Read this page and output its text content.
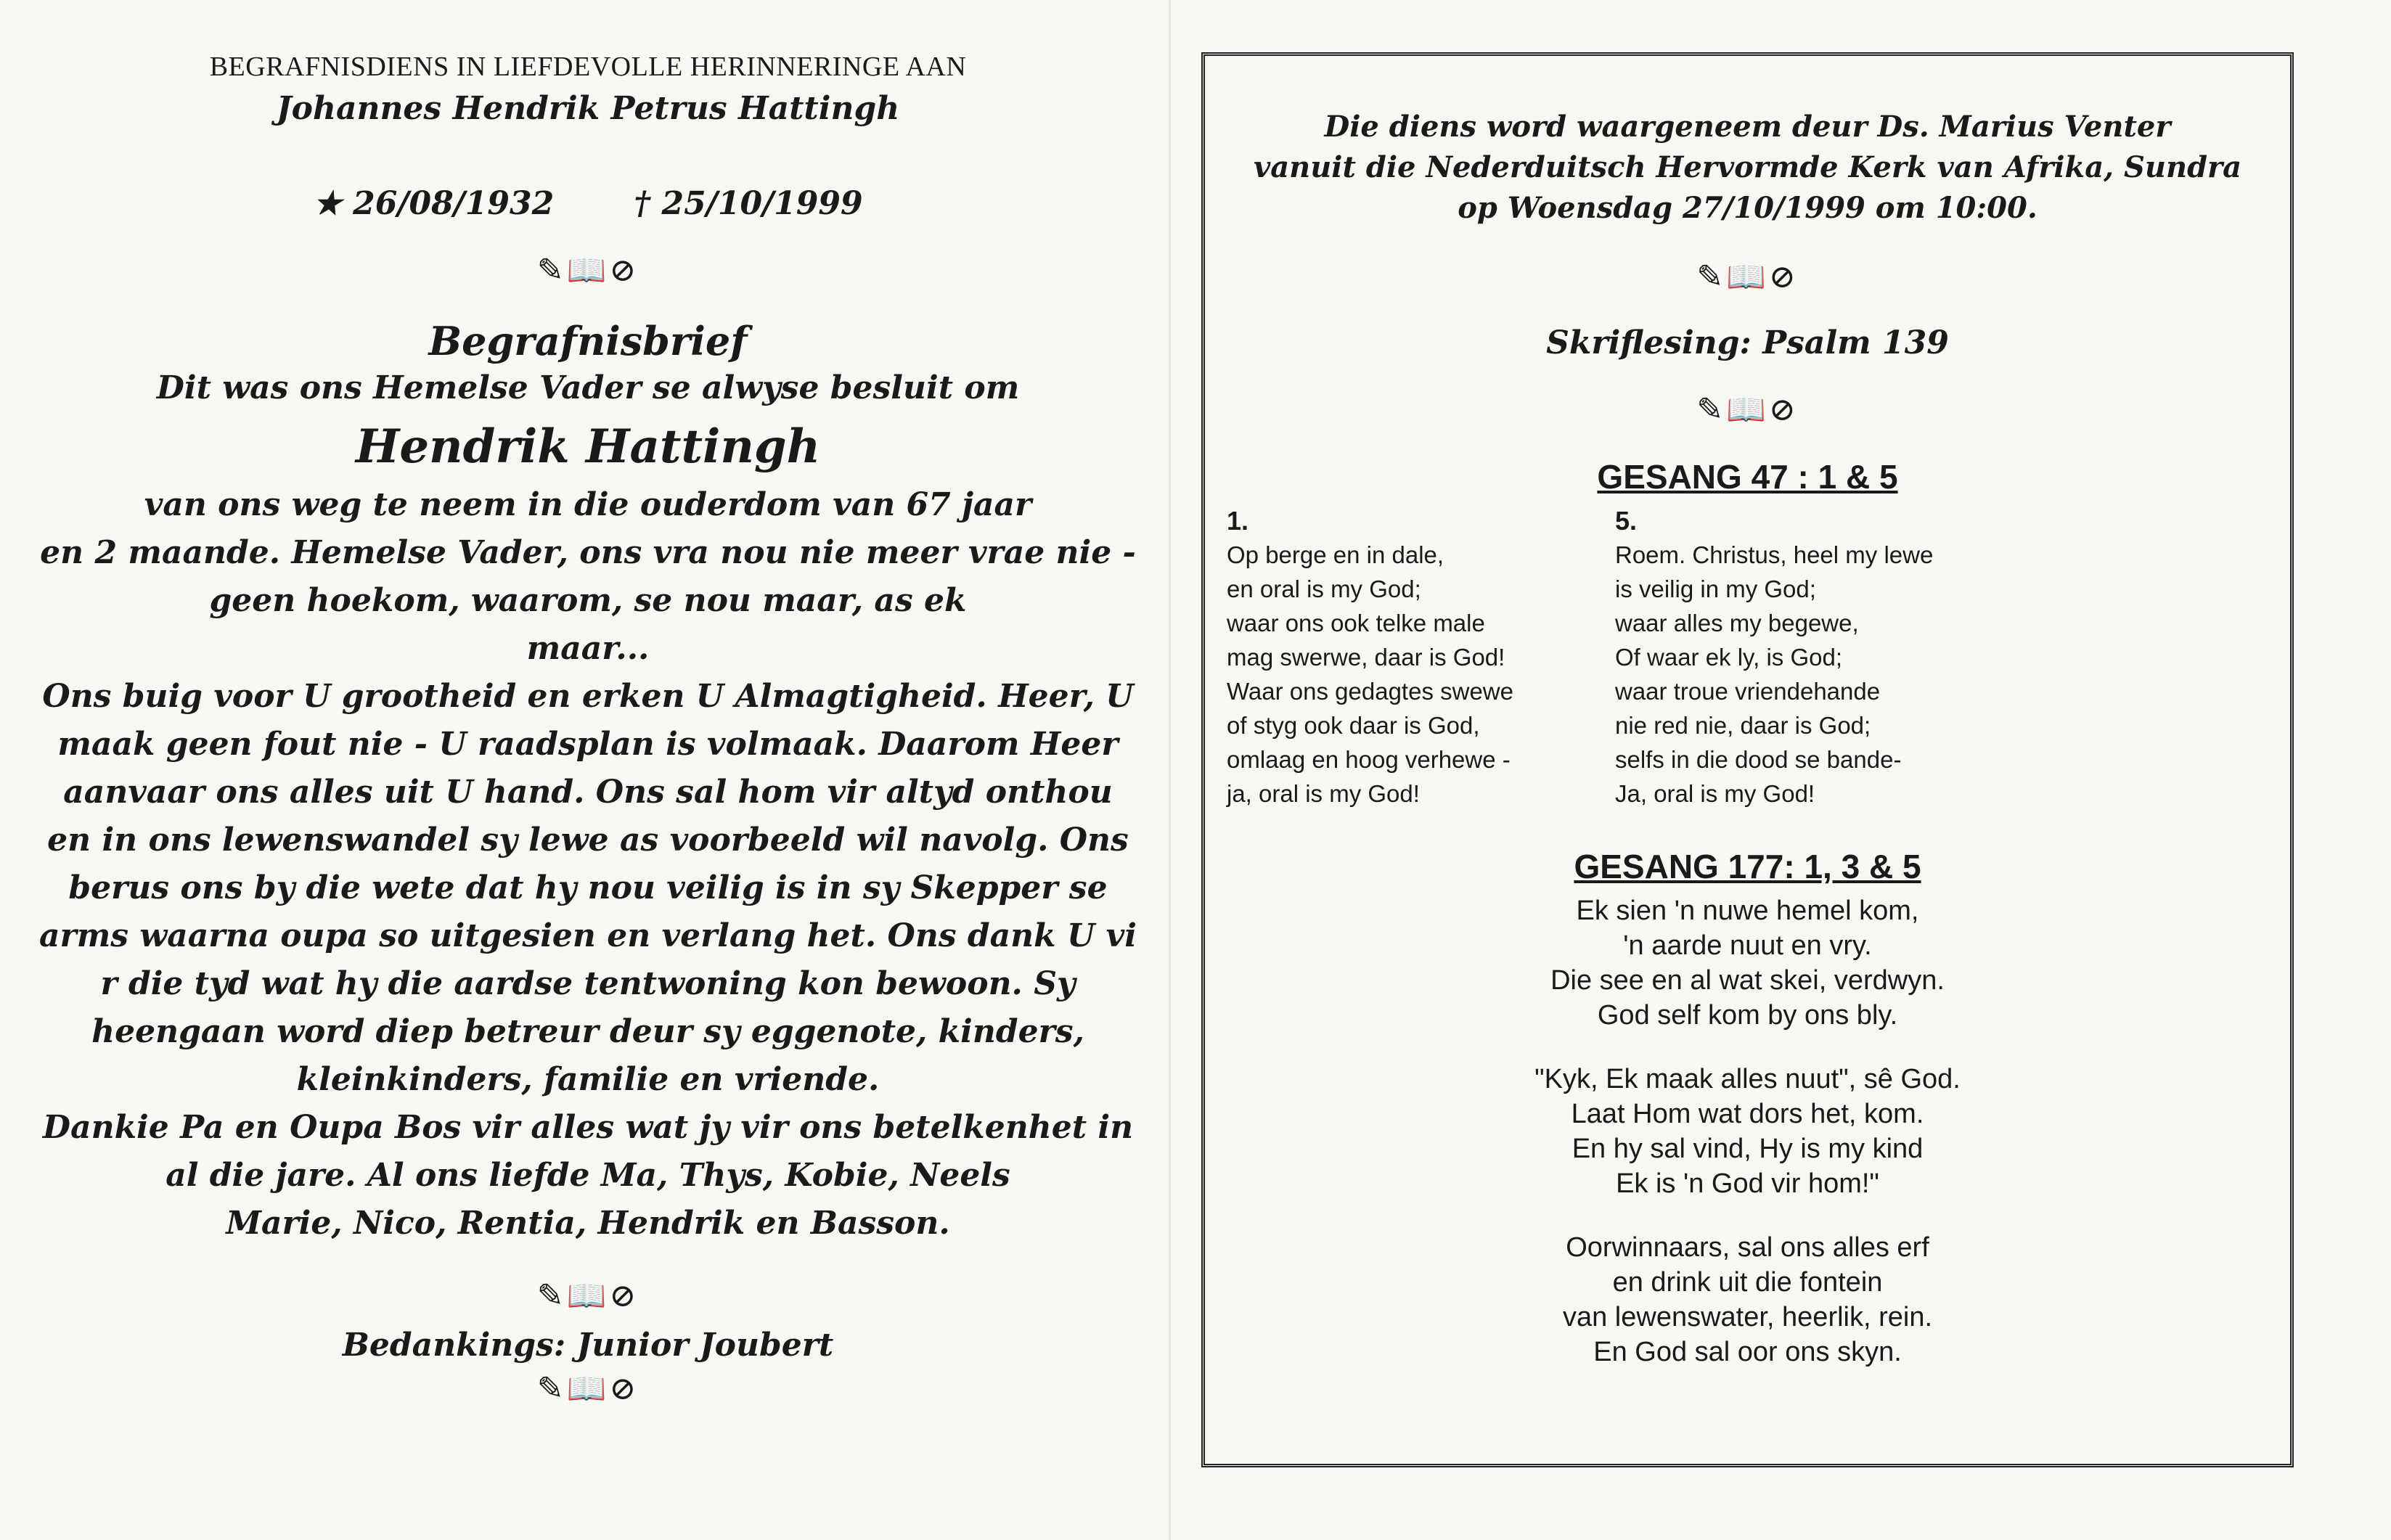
BEGRAFNISDIENS IN LIEFDEVOLLE HERINNERINGE AAN
Johannes Hendrik Petrus Hattingh
★ 26/08/1932	† 25/10/1999
✎📖⊘
Begrafnisbrief

Dit was ons Hemelse Vader se alwyse besluit om

Hendrik Hattingh

van ons weg te neem in die ouderdom van 67 jaar

en 2 maande. Hemelse Vader, ons vra nou nie meer vrae nie -

geen hoekom, waarom, se nou maar, as ek

maar...

Ons buig voor U grootheid en erken U Almagtigheid. Heer, U

maak geen fout nie - U raadsplan is volmaak. Daarom Heer

aanvaar ons alles uit U hand. Ons sal hom vir altyd onthou

en in ons lewenswandel sy lewe as voorbeeld wil navolg. Ons

berus ons by die wete dat hy nou veilig is in sy Skepper se

arms waarna oupa so uitgesien en verlang het. Ons dank U vi

r die tyd wat hy die aardse tentwoning kon bewoon. Sy

heengaan word diep betreur deur sy eggenote, kinders,

kleinkinders, familie en vriende.

Dankie Pa en Oupa Bos vir alles wat jy vir ons betelkenhet in

al die jare. Al ons liefde Ma, Thys, Kobie, Neels

Marie, Nico, Rentia, Hendrik en Basson.

✎📖⊘
Bedankings: Junior Joubert
✎📖⊘
Die diens word waargeneem deur Ds. Marius Venter
vanuit die Nederduitsch Hervormde Kerk van Afrika, Sundra
op Woensdag 27/10/1999 om 10:00.
✎📖⊘
Skriflesing: Psalm 139
✎📖⊘
GESANG 47 : 1 & 5
1.
Op berge en in dale,
en oral is my God;
waar ons ook telke male
mag swerwe, daar is God!
Waar ons gedagtes swewe
of styg ook daar is God,
omlaag en hoog verhewe -
ja, oral is my God!
5.
Roem. Christus, heel my lewe
is veilig in my God;
waar alles my begewe,
Of waar ek ly, is God;
waar troue vriendehande
nie red nie, daar is God;
selfs in die dood se bande-
Ja, oral is my God!
GESANG 177: 1, 3 & 5
Ek sien 'n nuwe hemel kom,
'n aarde nuut en vry.
Die see en al wat skei, verdwyn.
God self kom by ons bly.
"Kyk, Ek maak alles nuut", sê God.
Laat Hom wat dors het, kom.
En hy sal vind, Hy is my kind
Ek is 'n God vir hom!"
Oorwinnaars, sal ons alles erf
en drink uit die fontein
van lewenswater, heerlik, rein.
En God sal oor ons skyn.
